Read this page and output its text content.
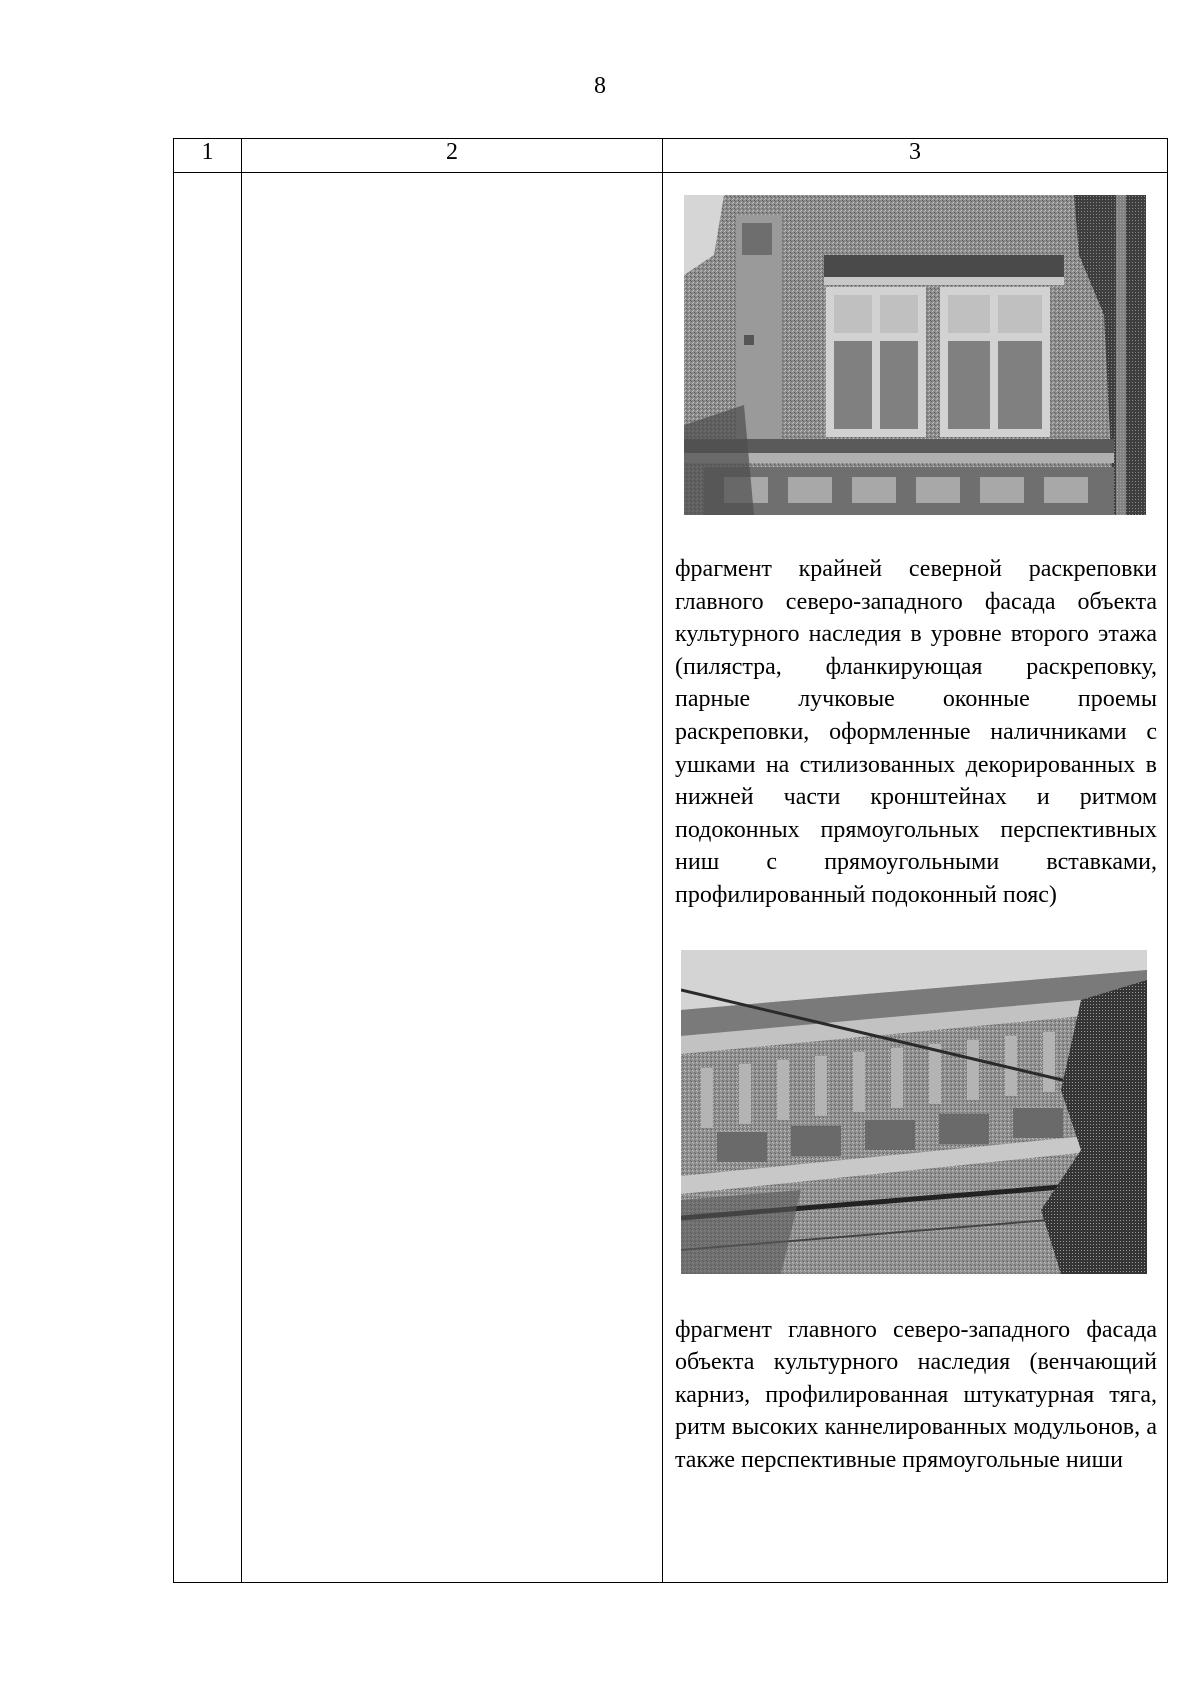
8
1	2	3

		фрагмент крайней северной раскреповки главного северо-западного фасада объекта культурного наследия в уровне второго этажа (пилястра, фланкирующая раскреповку, парные лучковые оконные проемы раскреповки, оформленные наличниками с ушками на стилизованных декорированных в нижней части кронштейнах и ритмом подоконных прямоугольных перспективных ниш с прямоугольными вставками, профилированный подоконный пояс)

фрагмент главного северо-западного фасада объекта культурного наследия (венчающий карниз, профилированная штукатурная тяга, ритм высоких каннелированных модульонов, а также перспективные прямоугольные ниши
